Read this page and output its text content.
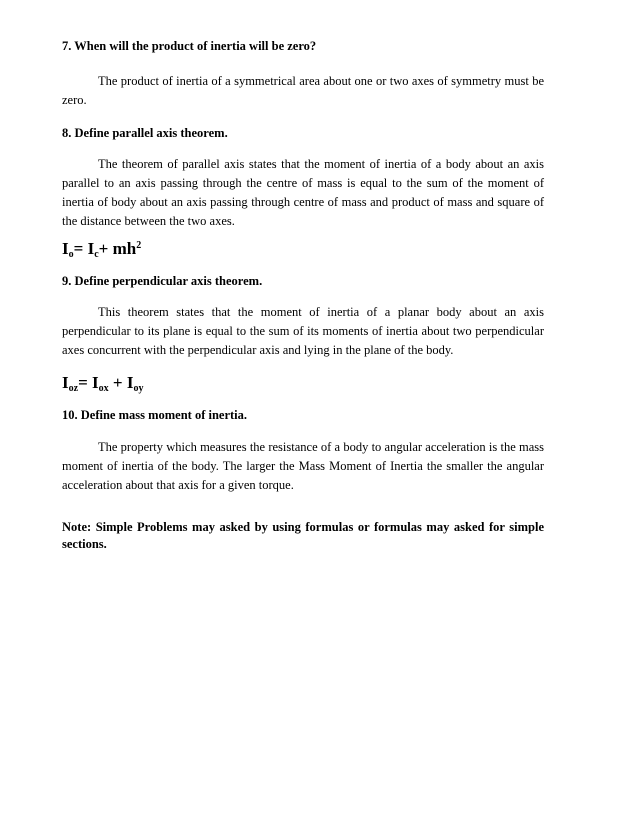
7. When will the product of inertia will be zero?

The product of inertia of a symmetrical area about one or two axes of symmetry must be zero.

8. Define parallel axis theorem.

The theorem of parallel axis states that the moment of inertia of a body about an axis parallel to an axis passing through the centre of mass is equal to the sum of the moment of inertia of body about an axis passing through centre of mass and product of mass and square of the distance between the two axes.

$I_o= I_c+ mh^2$

9. Define perpendicular axis theorem.

This theorem states that the moment of inertia of a planar body about an axis perpendicular to its plane is equal to the sum of its moments of inertia about two perpendicular axes concurrent with the perpendicular axis and lying in the plane of the body.

$I_{oz}= I_{ox} + I_{oy}$

10. Define mass moment of inertia.

The property which measures the resistance of a body to angular acceleration is the mass moment of inertia of the body. The larger the Mass Moment of Inertia the smaller the angular acceleration about that axis for a given torque.

Note: Simple Problems may asked by using formulas or formulas may asked for simple sections.
